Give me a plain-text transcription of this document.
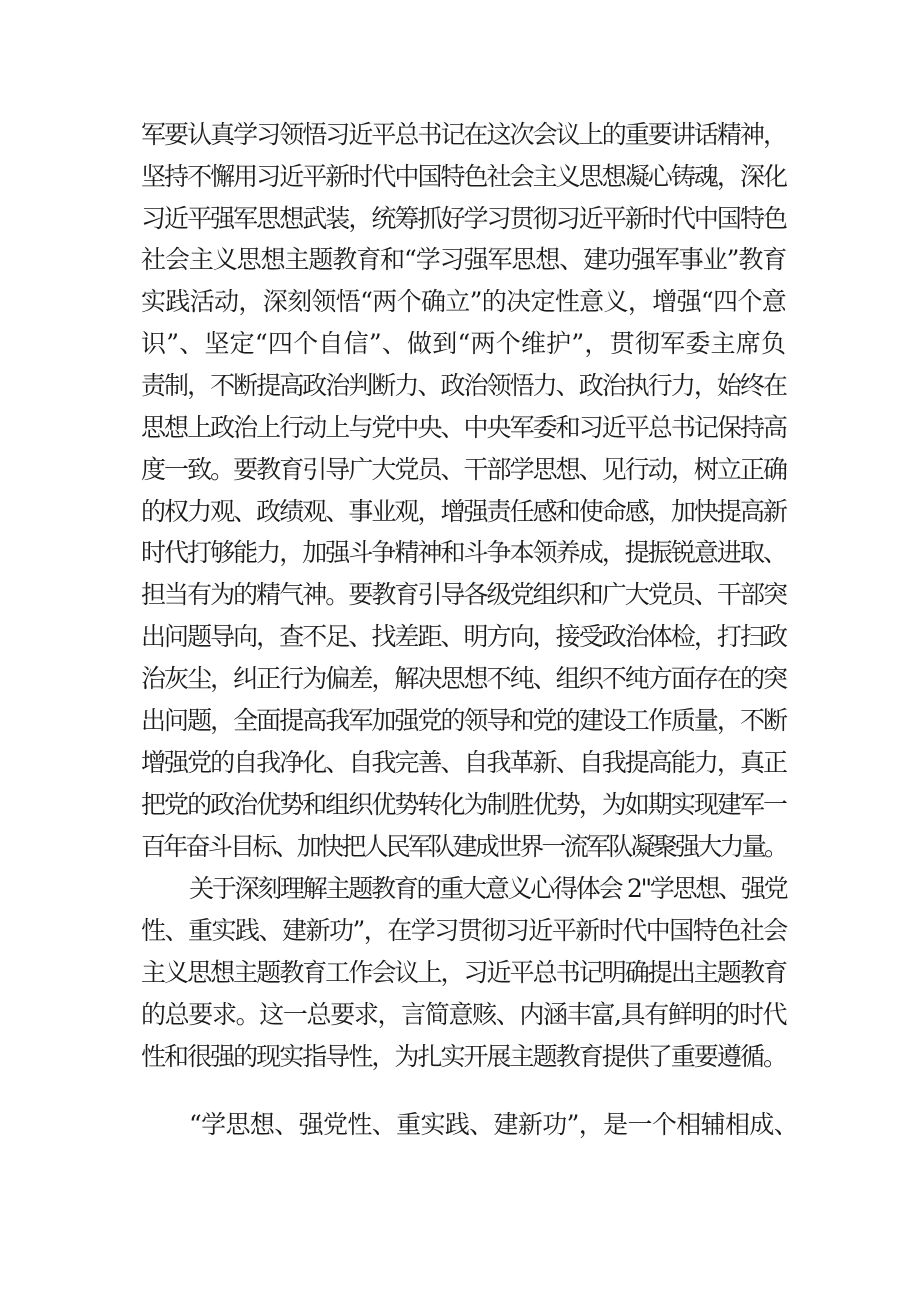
军要认真学习领悟习近平总书记在这次会议上的重要讲话精神，
坚持不懈用习近平新时代中国特色社会主义思想凝心铸魂，深化
习近平强军思想武装，统筹抓好学习贯彻习近平新时代中国特色
社会主义思想主题教育和“学习强军思想、建功强军事业”教育
实践活动，深刻领悟“两个确立”的决定性意义，增强“四个意
识”、坚定“四个自信”、做到“两个维护”，贯彻军委主席负
责制，不断提高政治判断力、政治领悟力、政治执行力，始终在
思想上政治上行动上与党中央、中央军委和习近平总书记保持高
度一致。要教育引导广大党员、干部学思想、见行动，树立正确
的权力观、政绩观、事业观，增强责任感和使命感，加快提高新
时代打够能力，加强斗争精神和斗争本领养成，提振锐意进取、
担当有为的精气神。要教育引导各级党组织和广大党员、干部突
出问题导向，查不足、找差距、明方向，接受政治体检，打扫政
治灰尘，纠正行为偏差，解决思想不纯、组织不纯方面存在的突
出问题，全面提高我军加强党的领导和党的建设工作质量，不断
增强党的自我净化、自我完善、自我革新、自我提高能力，真正
把党的政治优势和组织优势转化为制胜优势，为如期实现建军一
百年奋斗目标、加快把人民军队建成世界一流军队凝聚强大力量。
关于深刻理解主题教育的重大意义心得体会 2"学思想、强党
性、重实践、建新功”，在学习贯彻习近平新时代中国特色社会
主义思想主题教育工作会议上，习近平总书记明确提出主题教育
的总要求。这一总要求，言简意赅、内涵丰富,具有鲜明的时代
性和很强的现实指导性，为扎实开展主题教育提供了重要遵循。
“学思想、强党性、重实践、建新功”，是一个相辅相成、
